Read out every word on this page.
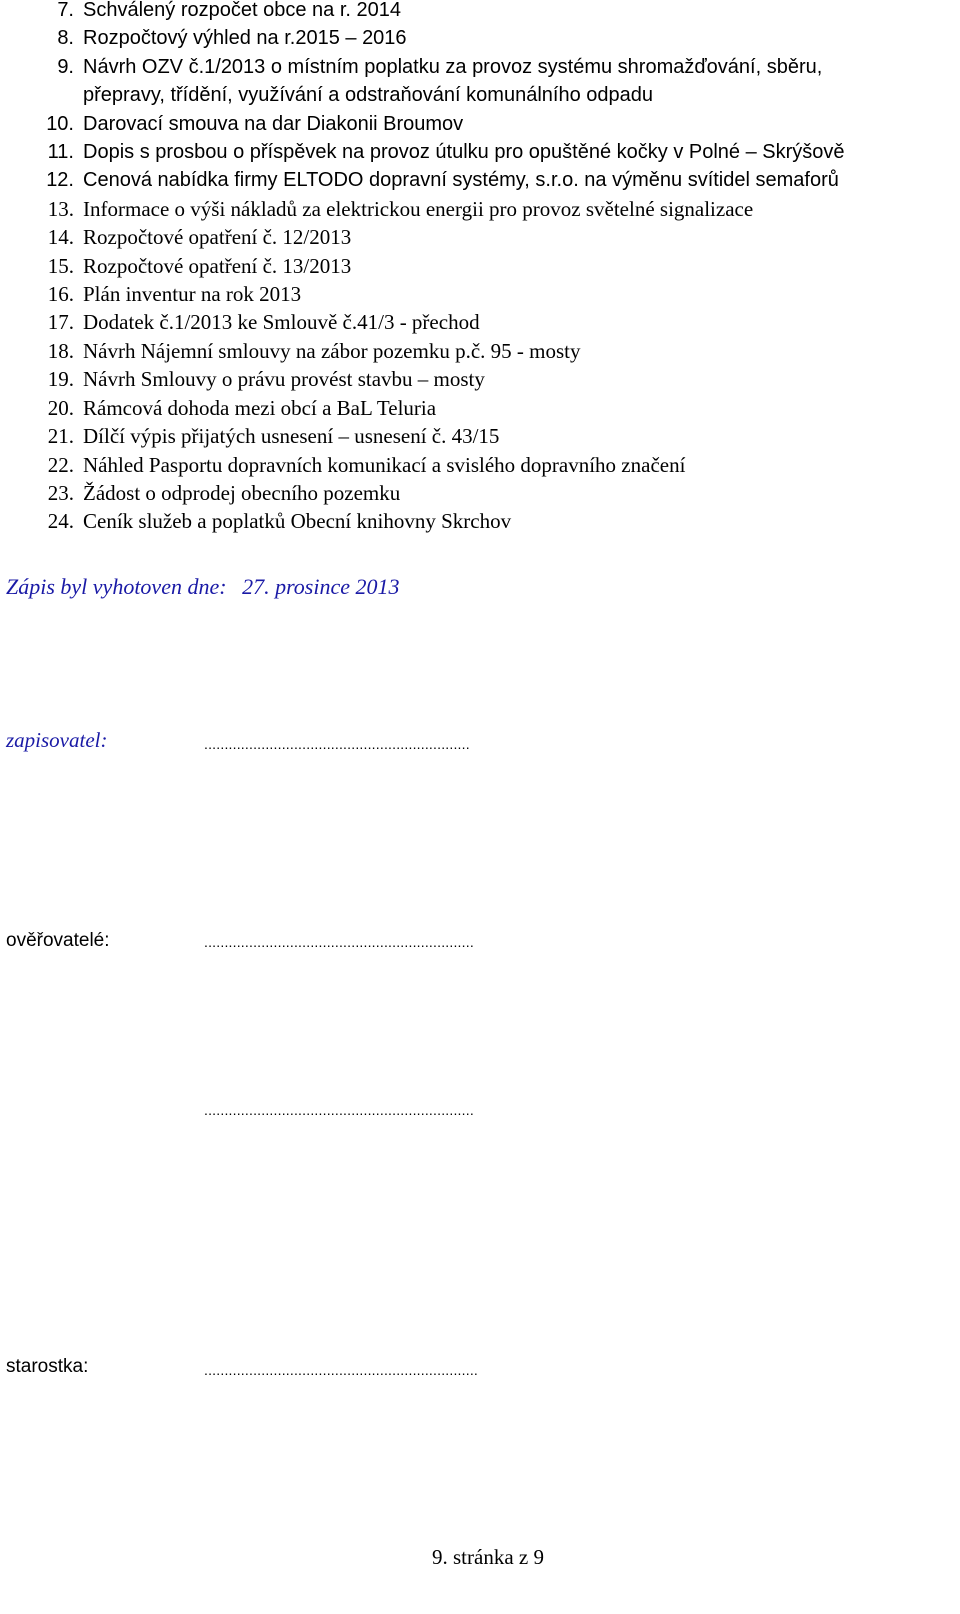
7. Schválený rozpočet obce na r. 2014
8. Rozpočtový výhled na r.2015 – 2016
9. Návrh OZV č.1/2013 o místním poplatku za provoz systému shromažďování, sběru,
přepravy, třídění, využívání a odstraňování komunálního odpadu
10. Darovací smouva na dar Diakonii Broumov
11. Dopis s prosbou o příspěvek na provoz útulku pro opuštěné kočky v Polné – Skrýšově
12. Cenová nabídka firmy ELTODO dopravní systémy, s.r.o. na výměnu svítidel semaforů
13. Informace o výši nákladů za elektrickou energii pro provoz světelné signalizace
14. Rozpočtové opatření č. 12/2013
15. Rozpočtové opatření č. 13/2013
16. Plán inventur na rok 2013
17. Dodatek č.1/2013 ke Smlouvě č.41/3 - přechod
18. Návrh Nájemní smlouvy na zábor pozemku p.č. 95 - mosty
19. Návrh Smlouvy o právu provést stavbu – mosty
20. Rámcová dohoda mezi obcí a BaL Teluria
21. Dílčí výpis přijatých usnesení – usnesení č. 43/15
22. Náhled Pasportu dopravních komunikací a svislého dopravního značení
23. Žádost o odprodej obecního pozemku
24. Ceník služeb a poplatků Obecní knihovny Skrchov
Zápis byl vyhotoven dne: 27. prosince 2013
zapisovatel:	.................................................................
ověřovatelé:	..................................................................
..................................................................
starostka:	...................................................................
9. stránka z 9
